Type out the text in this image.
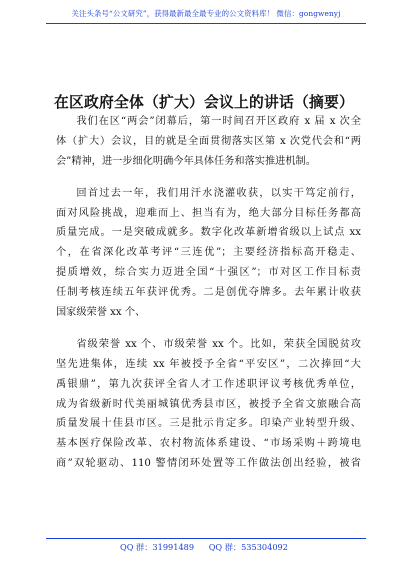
关注头条号“公文研究”，获得最新最全最专业的公文资料库！ 微信：gongwenyj
在区政府全体（扩大）会议上的讲话（摘要）
我们在区“两会”闭幕后，第一时间召开区政府 x 届 x 次全
体（扩大）会议，目的就是全面贯彻落实区第 x 次党代会和“两
会”精神，进一步细化明确今年具体任务和落实推进机制。
回首过去一年，我们用汗水浇灌收获，以实干笃定前行，
面对风险挑战，迎难而上、担当有为，绝大部分目标任务都高
质量完成。一是突破成就多。数字化改革新增省级以上试点 xx
个，在省深化改革考评“三连优”；主要经济指标高开稳走、
提质增效，综合实力迈进全国“十强区”；市对区工作目标责
任制考核连续五年获评优秀。二是创优夺牌多。去年累计收获
国家级荣誉 xx 个、
省级荣誉 xx 个、市级荣誉 xx 个。比如，荣获全国脱贫攻
坚先进集体，连续 xx 年被授予全省“平安区”，二次捧回“大
禹银鼎”，第九次获评全省人才工作述职评议考核优秀单位，
成为省级新时代美丽城镇优秀县市区，被授予全省文旅融合高
质量发展十佳县市区。三是批示肯定多。印染产业转型升级、
基本医疗保险改革、农村物流体系建设、“市场采购＋跨境电
商”双轮驱动、110 警情闭环处置等工作做法创出经验，被省
QQ 群：31991489 QQ 群：535304092
